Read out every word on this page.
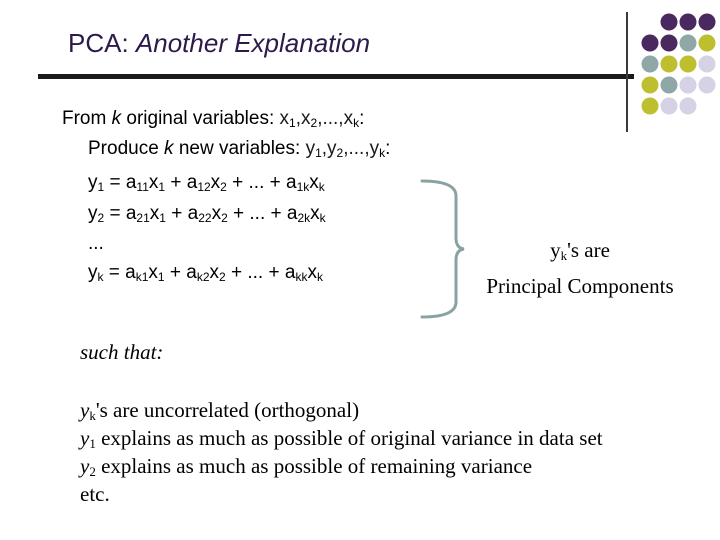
PCA: Another Explanation
From k original variables: $x_1,x_2,...,x_k$:
Produce k new variables: $y_1,y_2,...,y_k$:
$y_1 = a_{11}x_1 + a_{12}x_2$ + ... + $a_{1k}x_k$
$y_2 = a_{21}x_1 + a_{22}x_2$ + ... + $a_{2k}x_k$
...
$y_k = a_{k1}x_1 + a_{k2}x_2$ + ... + $a_{kk}x_k$
$y_k's$ are
Principal Components
such that:
$y_k's$ are uncorrelated (orthogonal)
$y_1$ explains as much as possible of original variance in data set
$y_2$ explains as much as possible of remaining variance
etc.
